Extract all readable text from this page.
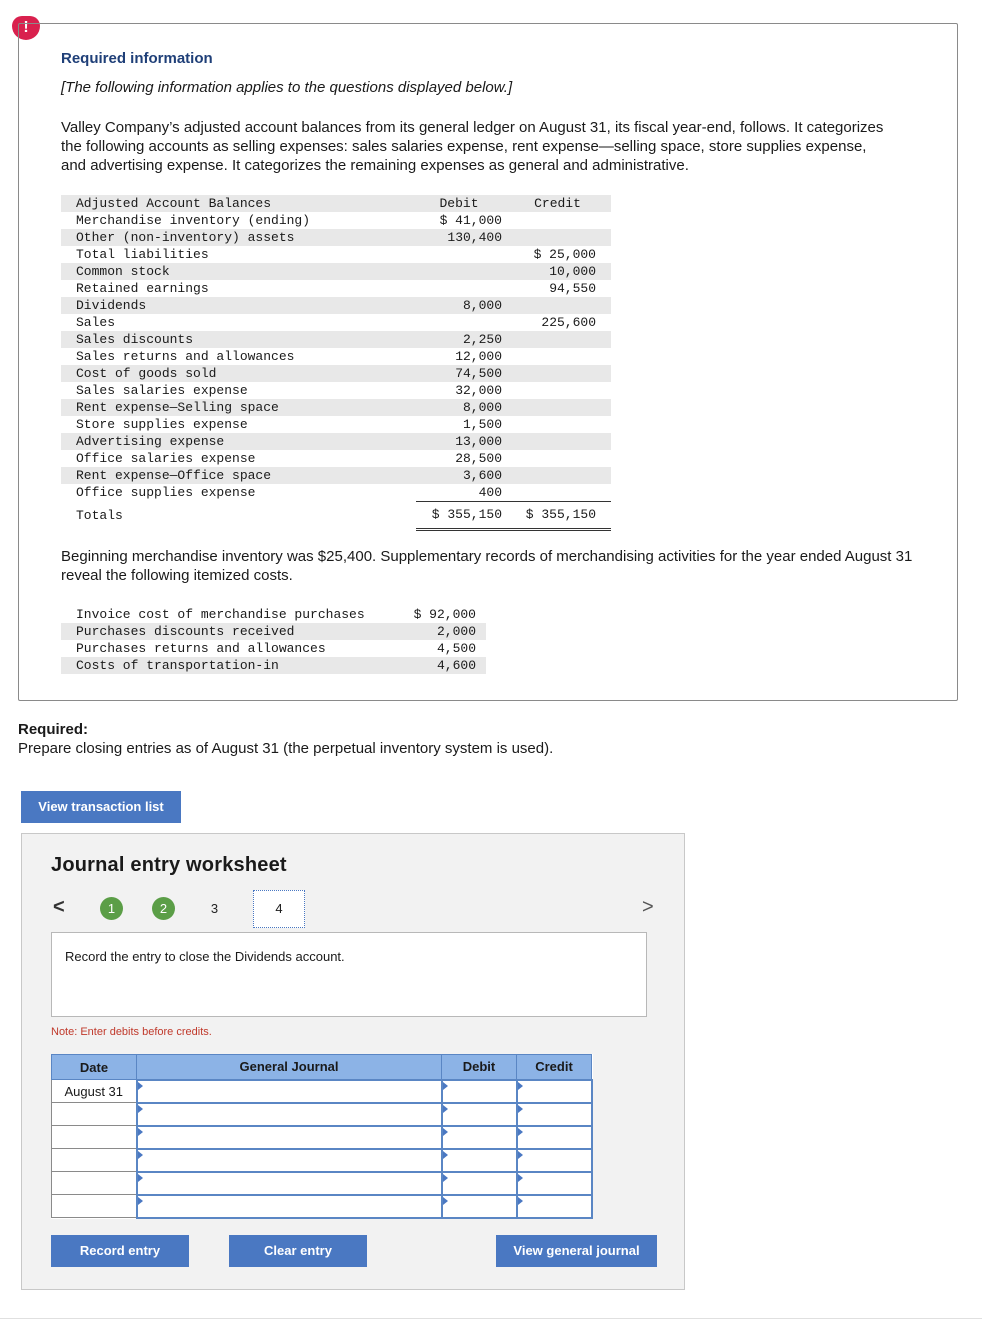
!
Required information
[The following information applies to the questions displayed below.]
Valley Company’s adjusted account balances from its general ledger on August 31, its fiscal year-end, follows. It categorizes the following accounts as selling expenses: sales salaries expense, rent expense—selling space, store supplies expense, and advertising expense. It categorizes the remaining expenses as general and administrative.
Adjusted Account Balances	Debit	Credit
Merchandise inventory (ending)	$ 41,000	
Other (non-inventory) assets	130,400	
Total liabilities		$ 25,000
Common stock		10,000
Retained earnings		94,550
Dividends	8,000	
Sales		225,600
Sales discounts	2,250	
Sales returns and allowances	12,000	
Cost of goods sold	74,500	
Sales salaries expense	32,000	
Rent expense—Selling space	8,000	
Store supplies expense	1,500	
Advertising expense	13,000	
Office salaries expense	28,500	
Rent expense—Office space	3,600	
Office supplies expense	400	
Totals	$ 355,150	$ 355,150
Beginning merchandise inventory was $25,400. Supplementary records of merchandising activities for the year ended August 31 reveal the following itemized costs.
Invoice cost of merchandise purchases	$ 92,000
Purchases discounts received	2,000
Purchases returns and allowances	4,500
Costs of transportation-in	4,600
Required:
Prepare closing entries as of August 31 (the perpetual inventory system is used).
View transaction list
Journal entry worksheet
<	1	2	3	4	>
Record the entry to close the Dividends account.
Note: Enter debits before credits.
Date	General Journal	Debit	Credit
August 31	

Record entry	Clear entry	View general journal
